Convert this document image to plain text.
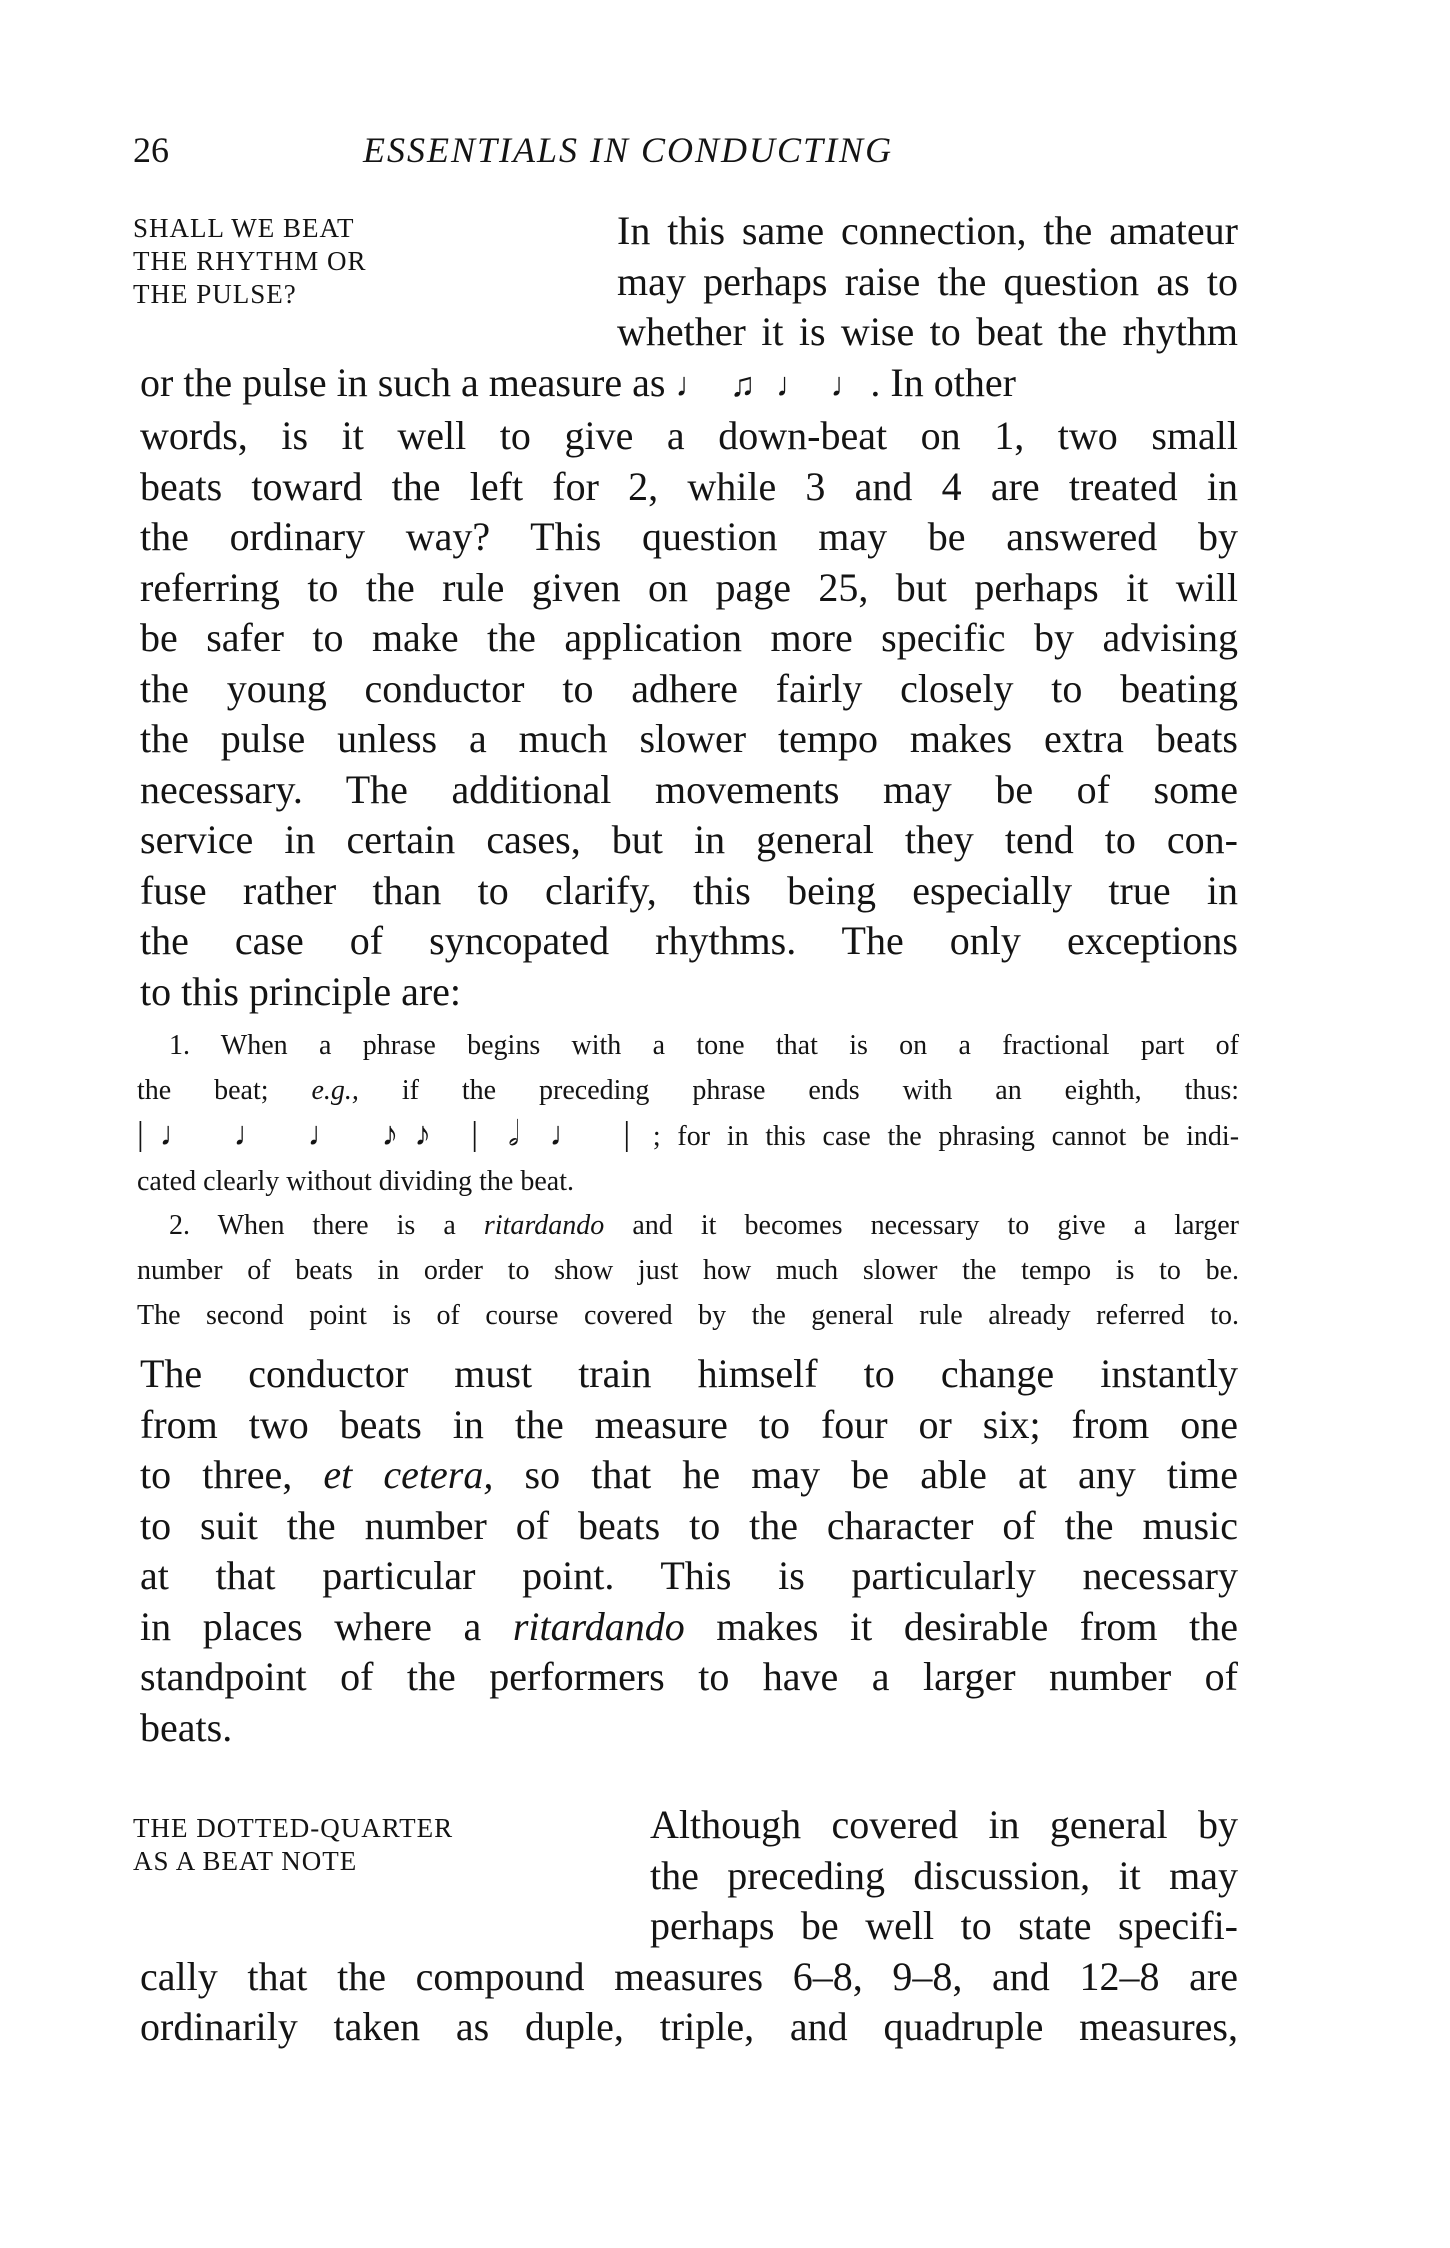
26	ESSENTIALS IN CONDUCTING
SHALL WE BEAT
THE RHYTHM OR
THE PULSE?
In this same connection, the amateur
may perhaps raise the question as to
whether it is wise to beat the rhythm
or the pulse in such a measure as ♩ ♫ ♩ ♩. In other
words, is it well to give a down-beat on 1, two small
beats toward the left for 2, while 3 and 4 are treated in
the ordinary way? This question may be answered by
referring to the rule given on page 25, but perhaps it will
be safer to make the application more specific by advising
the young conductor to adhere fairly closely to beating
the pulse unless a much slower tempo makes extra beats
necessary. The additional movements may be of some
service in certain cases, but in general they tend to con-
fuse rather than to clarify, this being especially true in
the case of syncopated rhythms. The only exceptions
to this principle are:
1. When a phrase begins with a tone that is on a fractional part of
the beat; e.g., if the preceding phrase ends with an eighth, thus:
|♩ ♩ ♩ ♪♪ | 𝅗𝅥 ♩ | ; for in this case the phrasing cannot be indi-
cated clearly without dividing the beat.
2. When there is a ritardando and it becomes necessary to give a larger
number of beats in order to show just how much slower the tempo is to be.
The second point is of course covered by the general rule already referred to.
The conductor must train himself to change instantly
from two beats in the measure to four or six; from one
to three, et cetera, so that he may be able at any time
to suit the number of beats to the character of the music
at that particular point. This is particularly necessary
in places where a ritardando makes it desirable from the
standpoint of the performers to have a larger number of
beats.
THE DOTTED-QUARTER
AS A BEAT NOTE
Although covered in general by
the preceding discussion, it may
perhaps be well to state specifi-
cally that the compound measures 6–8, 9–8, and 12–8 are
ordinarily taken as duple, triple, and quadruple measures,
